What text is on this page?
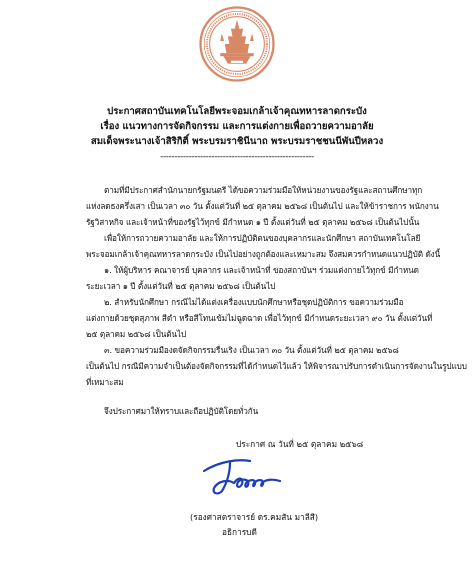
ประกาศสถาบันเทคโนโลยีพระจอมเกล้าเจ้าคุณทหารลาดกระบัง
เรื่อง แนวทางการจัดกิจกรรม และการแต่งกายเพื่อถวายความอาลัย
สมเด็จพระนางเจ้าสิริกิติ์ พระบรมราชินีนาถ พระบรมราชชนนีพันปีหลวง
------------------------------------------------------
ตามที่มีประกาศสำนักนายกรัฐมนตรี ได้ขอความร่วมมือให้หน่วยงานของรัฐและสถานศึกษาทุก
แห่งลดธงครึ่งเสา เป็นเวลา ๓๐ วัน ตั้งแต่วันที่ ๒๕ ตุลาคม ๒๕๖๘ เป็นต้นไป และให้ข้าราชการ พนักงาน
รัฐวิสาหกิจ และเจ้าหน้าที่ของรัฐไว้ทุกข์ มีกำหนด ๑ ปี ตั้งแต่วันที่ ๒๕ ตุลาคม ๒๕๖๘ เป็นต้นไปนั้น
เพื่อให้การถวายความอาลัย และให้การปฏิบัติตนของบุคลากรและนักศึกษา สถาบันเทคโนโลยี
พระจอมเกล้าเจ้าคุณทหารลาดกระบัง เป็นไปอย่างถูกต้องและเหมาะสม จึงสมควรกำหนดแนวปฏิบัติ ดังนี้
๑. ให้ผู้บริหาร คณาจารย์ บุคลากร และเจ้าหน้าที่ ของสถาบันฯ ร่วมแต่งกายไว้ทุกข์ มีกำหนด
ระยะเวลา ๑ ปี ตั้งแต่วันที่ ๒๕ ตุลาคม ๒๕๖๘ เป็นต้นไป
๒. สำหรับนักศึกษา กรณีไม่ได้แต่งเครื่องแบบนักศึกษาหรือชุดปฏิบัติการ ขอความร่วมมือ
แต่งกายด้วยชุดสุภาพ สีดำ หรือสีโทนเข้มไม่ฉูดฉาด เพื่อไว้ทุกข์ มีกำหนดระยะเวลา ๙๐ วัน ตั้งแต่วันที่
๒๕ ตุลาคม ๒๕๖๘ เป็นต้นไป
๓. ขอความร่วมมืองดจัดกิจกรรมรื่นเริง เป็นเวลา ๓๐ วัน ตั้งแต่วันที่ ๒๕ ตุลาคม ๒๕๖๘
เป็นต้นไป กรณีมีความจำเป็นต้องจัดกิจกรรมที่ได้กำหนดไว้แล้ว ให้พิจารณาปรับการดำเนินการจัดงานในรูปแบบ
ที่เหมาะสม
จึงประกาศมาให้ทราบและถือปฏิบัติโดยทั่วกัน
ประกาศ ณ วันที่ ๒๕ ตุลาคม ๒๕๖๘
(รองศาสตราจารย์ ดร.คมสัน มาลีสี)
อธิการบดี
